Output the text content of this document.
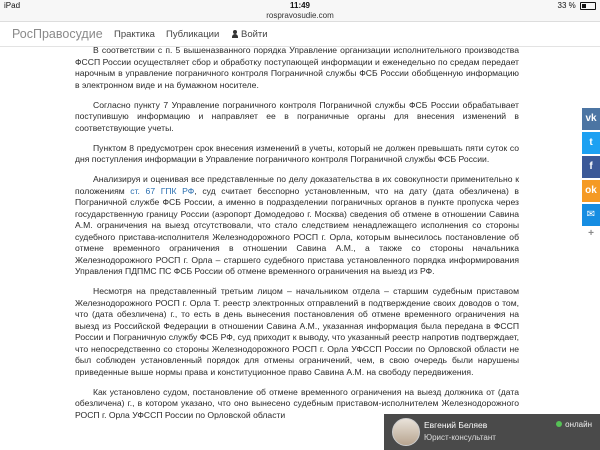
iPad	11:49	33 %
rospravosudie.com
РосПравосудие Практика Публикации	Войти

В соответствии с п. 5 вышеназванного порядка Управление организации исполнительного производства ФССП России осуществляет сбор и обработку поступающей информации и еженедельно по средам передает нарочным в управление пограничного контроля Пограничной службы ФСБ России обобщенную информацию в электронном виде и на бумажном носителе.

Согласно пункту 7 Управление пограничного контроля Пограничной службы ФСБ России обрабатывает поступившую информацию и направляет ее в пограничные органы для внесения изменений в соответствующие учеты.

Пунктом 8 предусмотрен срок внесения изменений в учеты, который не должен превышать пяти суток со дня поступления информации в Управление пограничного контроля Пограничной службы ФСБ России.

Анализируя и оценивая все представленные по делу доказательства в их совокупности применительно к положениям ст. 67 ГПК РФ, суд считает бесспорно установленным, что на дату (дата обезличена) в Пограничной службе ФСБ России, а именно в подразделении пограничных органов в пункте пропуска через государственную границу России (аэропорт Домодедово г. Москва) сведения об отмене в отношении Савина А.М. ограничения на выезд отсутствовали, что стало следствием ненадлежащего исполнения со стороны судебного пристава-исполнителя Железнодорожного РОСП г. Орла, которым вынесилось постановление об отмене временного ограничения в отношении Савина А.М., а также со стороны начальника Железнодорожного РОСП г. Орла – старшего судебного пристава установленного порядка информирования Управления ПДПМС ПС ФСБ России об отмене временного ограничения на выезд из РФ.

Несмотря на представленный третьим лицом – начальником отдела – старшим судебным приставом Железнодорожного РОСП г. Орла Т. реестр электронных отправлений в подтверждение своих доводов о том, что (дата обезличена) г., то есть в день вынесения постановления об отмене временного ограничения на выезд из Российской Федерации в отношении Савина А.М., указанная информация была передана в ФССП России и Пограничную службу ФСБ РФ, суд приходит к выводу, что указанный реестр напротив подтверждает, что непосредственно со стороны Железнодорожного РОСП г. Орла УФССП России по Орловской области не был соблюден установленный порядок для отмены ограничений, чем, в свою очередь были нарушены приведенные выше нормы права и конституционное право Савина А.М. на свободу передвижения.

Как установлено судом, постановление об отмене временного ограничения на выезд должника от (дата обезличена) г., в котором указано, что оно вынесено судебным приставом-исполнителем Железнодорожного РОСП г. Орла УФССП России по Орловской области

vk
t
f
ok
✉
+
Евгений Беляев
Юрист-консультант
онлайн
